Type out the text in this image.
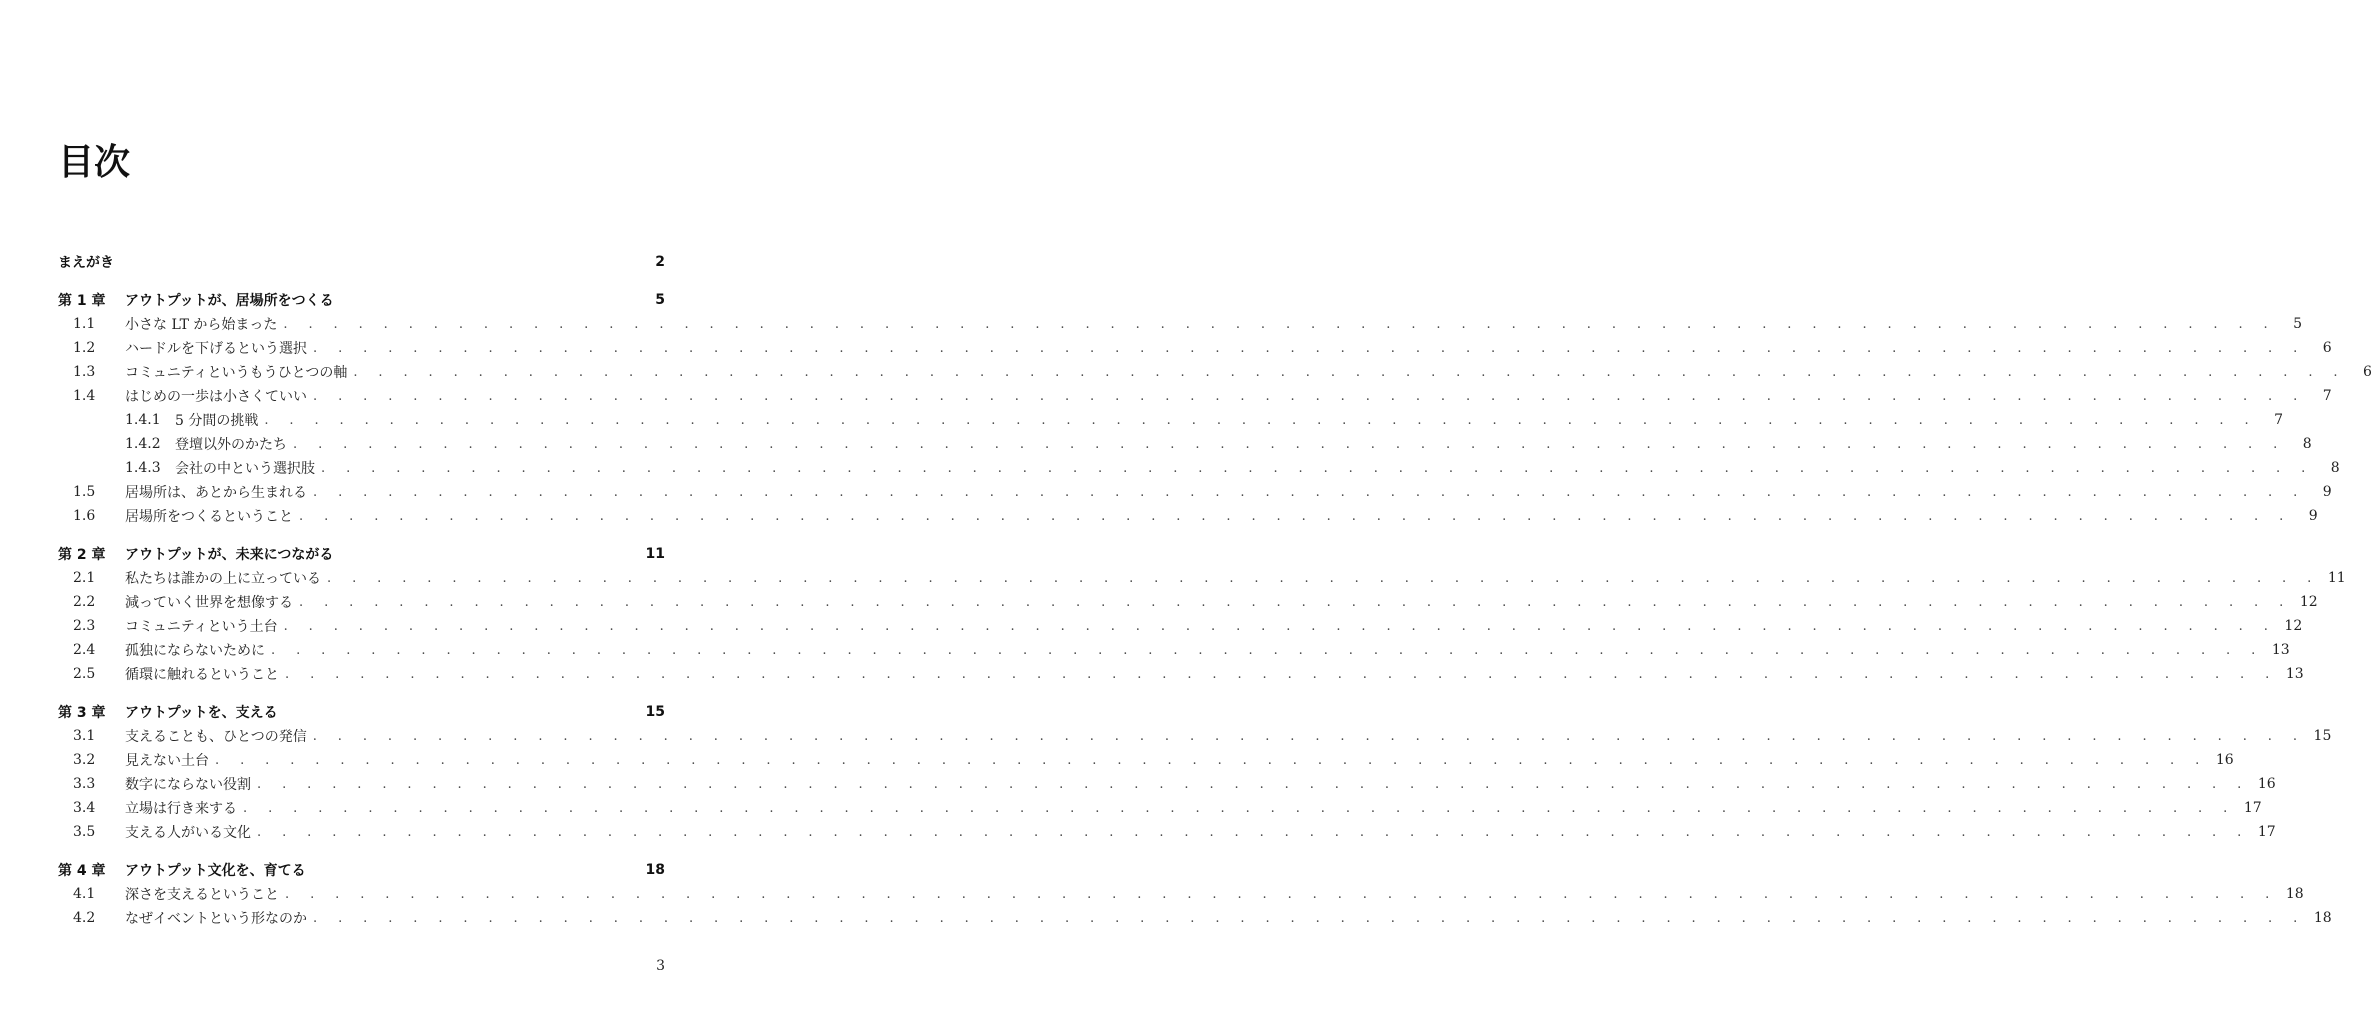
目次
まえがき	2
第 1 章	アウトプットが、居場所をつくる	5
1.1	小さな LT から始まった . . . . . . . . . . . . . . . . . . . . . . . . . . . . . . . . . . . . . . . . . . . . . . . . . . . . . . . . . . . . . . . . . . . . . . . . . . . . . . . .	5
1.2	ハードルを下げるという選択 . . . . . . . . . . . . . . . . . . . . . . . . . . . . . . . . . . . . . . . . . . . . . . . . . . . . . . . . . . . . . . . . . . . . . . . . . . . . . . . .	6
1.3	コミュニティというもうひとつの軸 . . . . . . . . . . . . . . . . . . . . . . . . . . . . . . . . . . . . . . . . . . . . . . . . . . . . . . . . . . . . . . . . . . . . . . . . . . . . . . . .	6
1.4	はじめの一歩は小さくていい . . . . . . . . . . . . . . . . . . . . . . . . . . . . . . . . . . . . . . . . . . . . . . . . . . . . . . . . . . . . . . . . . . . . . . . . . . . . . . . .	7
1.4.1	5 分間の挑戦 . . . . . . . . . . . . . . . . . . . . . . . . . . . . . . . . . . . . . . . . . . . . . . . . . . . . . . . . . . . . . . . . . . . . . . . . . . . . . . . .	7
1.4.2	登壇以外のかたち . . . . . . . . . . . . . . . . . . . . . . . . . . . . . . . . . . . . . . . . . . . . . . . . . . . . . . . . . . . . . . . . . . . . . . . . . . . . . . . .	8
1.4.3	会社の中という選択肢 . . . . . . . . . . . . . . . . . . . . . . . . . . . . . . . . . . . . . . . . . . . . . . . . . . . . . . . . . . . . . . . . . . . . . . . . . . . . . . . .	8
1.5	居場所は、あとから生まれる . . . . . . . . . . . . . . . . . . . . . . . . . . . . . . . . . . . . . . . . . . . . . . . . . . . . . . . . . . . . . . . . . . . . . . . . . . . . . . . .	9
1.6	居場所をつくるということ . . . . . . . . . . . . . . . . . . . . . . . . . . . . . . . . . . . . . . . . . . . . . . . . . . . . . . . . . . . . . . . . . . . . . . . . . . . . . . . .	9
第 2 章	アウトプットが、未来につながる	11
2.1	私たちは誰かの上に立っている . . . . . . . . . . . . . . . . . . . . . . . . . . . . . . . . . . . . . . . . . . . . . . . . . . . . . . . . . . . . . . . . . . . . . . . . . . . . . . . . 11
2.2	減っていく世界を想像する . . . . . . . . . . . . . . . . . . . . . . . . . . . . . . . . . . . . . . . . . . . . . . . . . . . . . . . . . . . . . . . . . . . . . . . . . . . . . . . . 12
2.3	コミュニティという土台 . . . . . . . . . . . . . . . . . . . . . . . . . . . . . . . . . . . . . . . . . . . . . . . . . . . . . . . . . . . . . . . . . . . . . . . . . . . . . . . . 12
2.4	孤独にならないために . . . . . . . . . . . . . . . . . . . . . . . . . . . . . . . . . . . . . . . . . . . . . . . . . . . . . . . . . . . . . . . . . . . . . . . . . . . . . . . . 13
2.5	循環に触れるということ . . . . . . . . . . . . . . . . . . . . . . . . . . . . . . . . . . . . . . . . . . . . . . . . . . . . . . . . . . . . . . . . . . . . . . . . . . . . . . . . 13
第 3 章	アウトプットを、支える	15
3.1	支えることも、ひとつの発信 . . . . . . . . . . . . . . . . . . . . . . . . . . . . . . . . . . . . . . . . . . . . . . . . . . . . . . . . . . . . . . . . . . . . . . . . . . . . . . . . 15
3.2	見えない土台 . . . . . . . . . . . . . . . . . . . . . . . . . . . . . . . . . . . . . . . . . . . . . . . . . . . . . . . . . . . . . . . . . . . . . . . . . . . . . . . . 16
3.3	数字にならない役割 . . . . . . . . . . . . . . . . . . . . . . . . . . . . . . . . . . . . . . . . . . . . . . . . . . . . . . . . . . . . . . . . . . . . . . . . . . . . . . . . 16
3.4	立場は行き来する . . . . . . . . . . . . . . . . . . . . . . . . . . . . . . . . . . . . . . . . . . . . . . . . . . . . . . . . . . . . . . . . . . . . . . . . . . . . . . . . 17
3.5	支える人がいる文化 . . . . . . . . . . . . . . . . . . . . . . . . . . . . . . . . . . . . . . . . . . . . . . . . . . . . . . . . . . . . . . . . . . . . . . . . . . . . . . . . 17
第 4 章	アウトプット文化を、育てる	18
4.1	深さを支えるということ . . . . . . . . . . . . . . . . . . . . . . . . . . . . . . . . . . . . . . . . . . . . . . . . . . . . . . . . . . . . . . . . . . . . . . . . . . . . . . . . 18
4.2	なぜイベントという形なのか . . . . . . . . . . . . . . . . . . . . . . . . . . . . . . . . . . . . . . . . . . . . . . . . . . . . . . . . . . . . . . . . . . . . . . . . . . . . . . . . 18
3
